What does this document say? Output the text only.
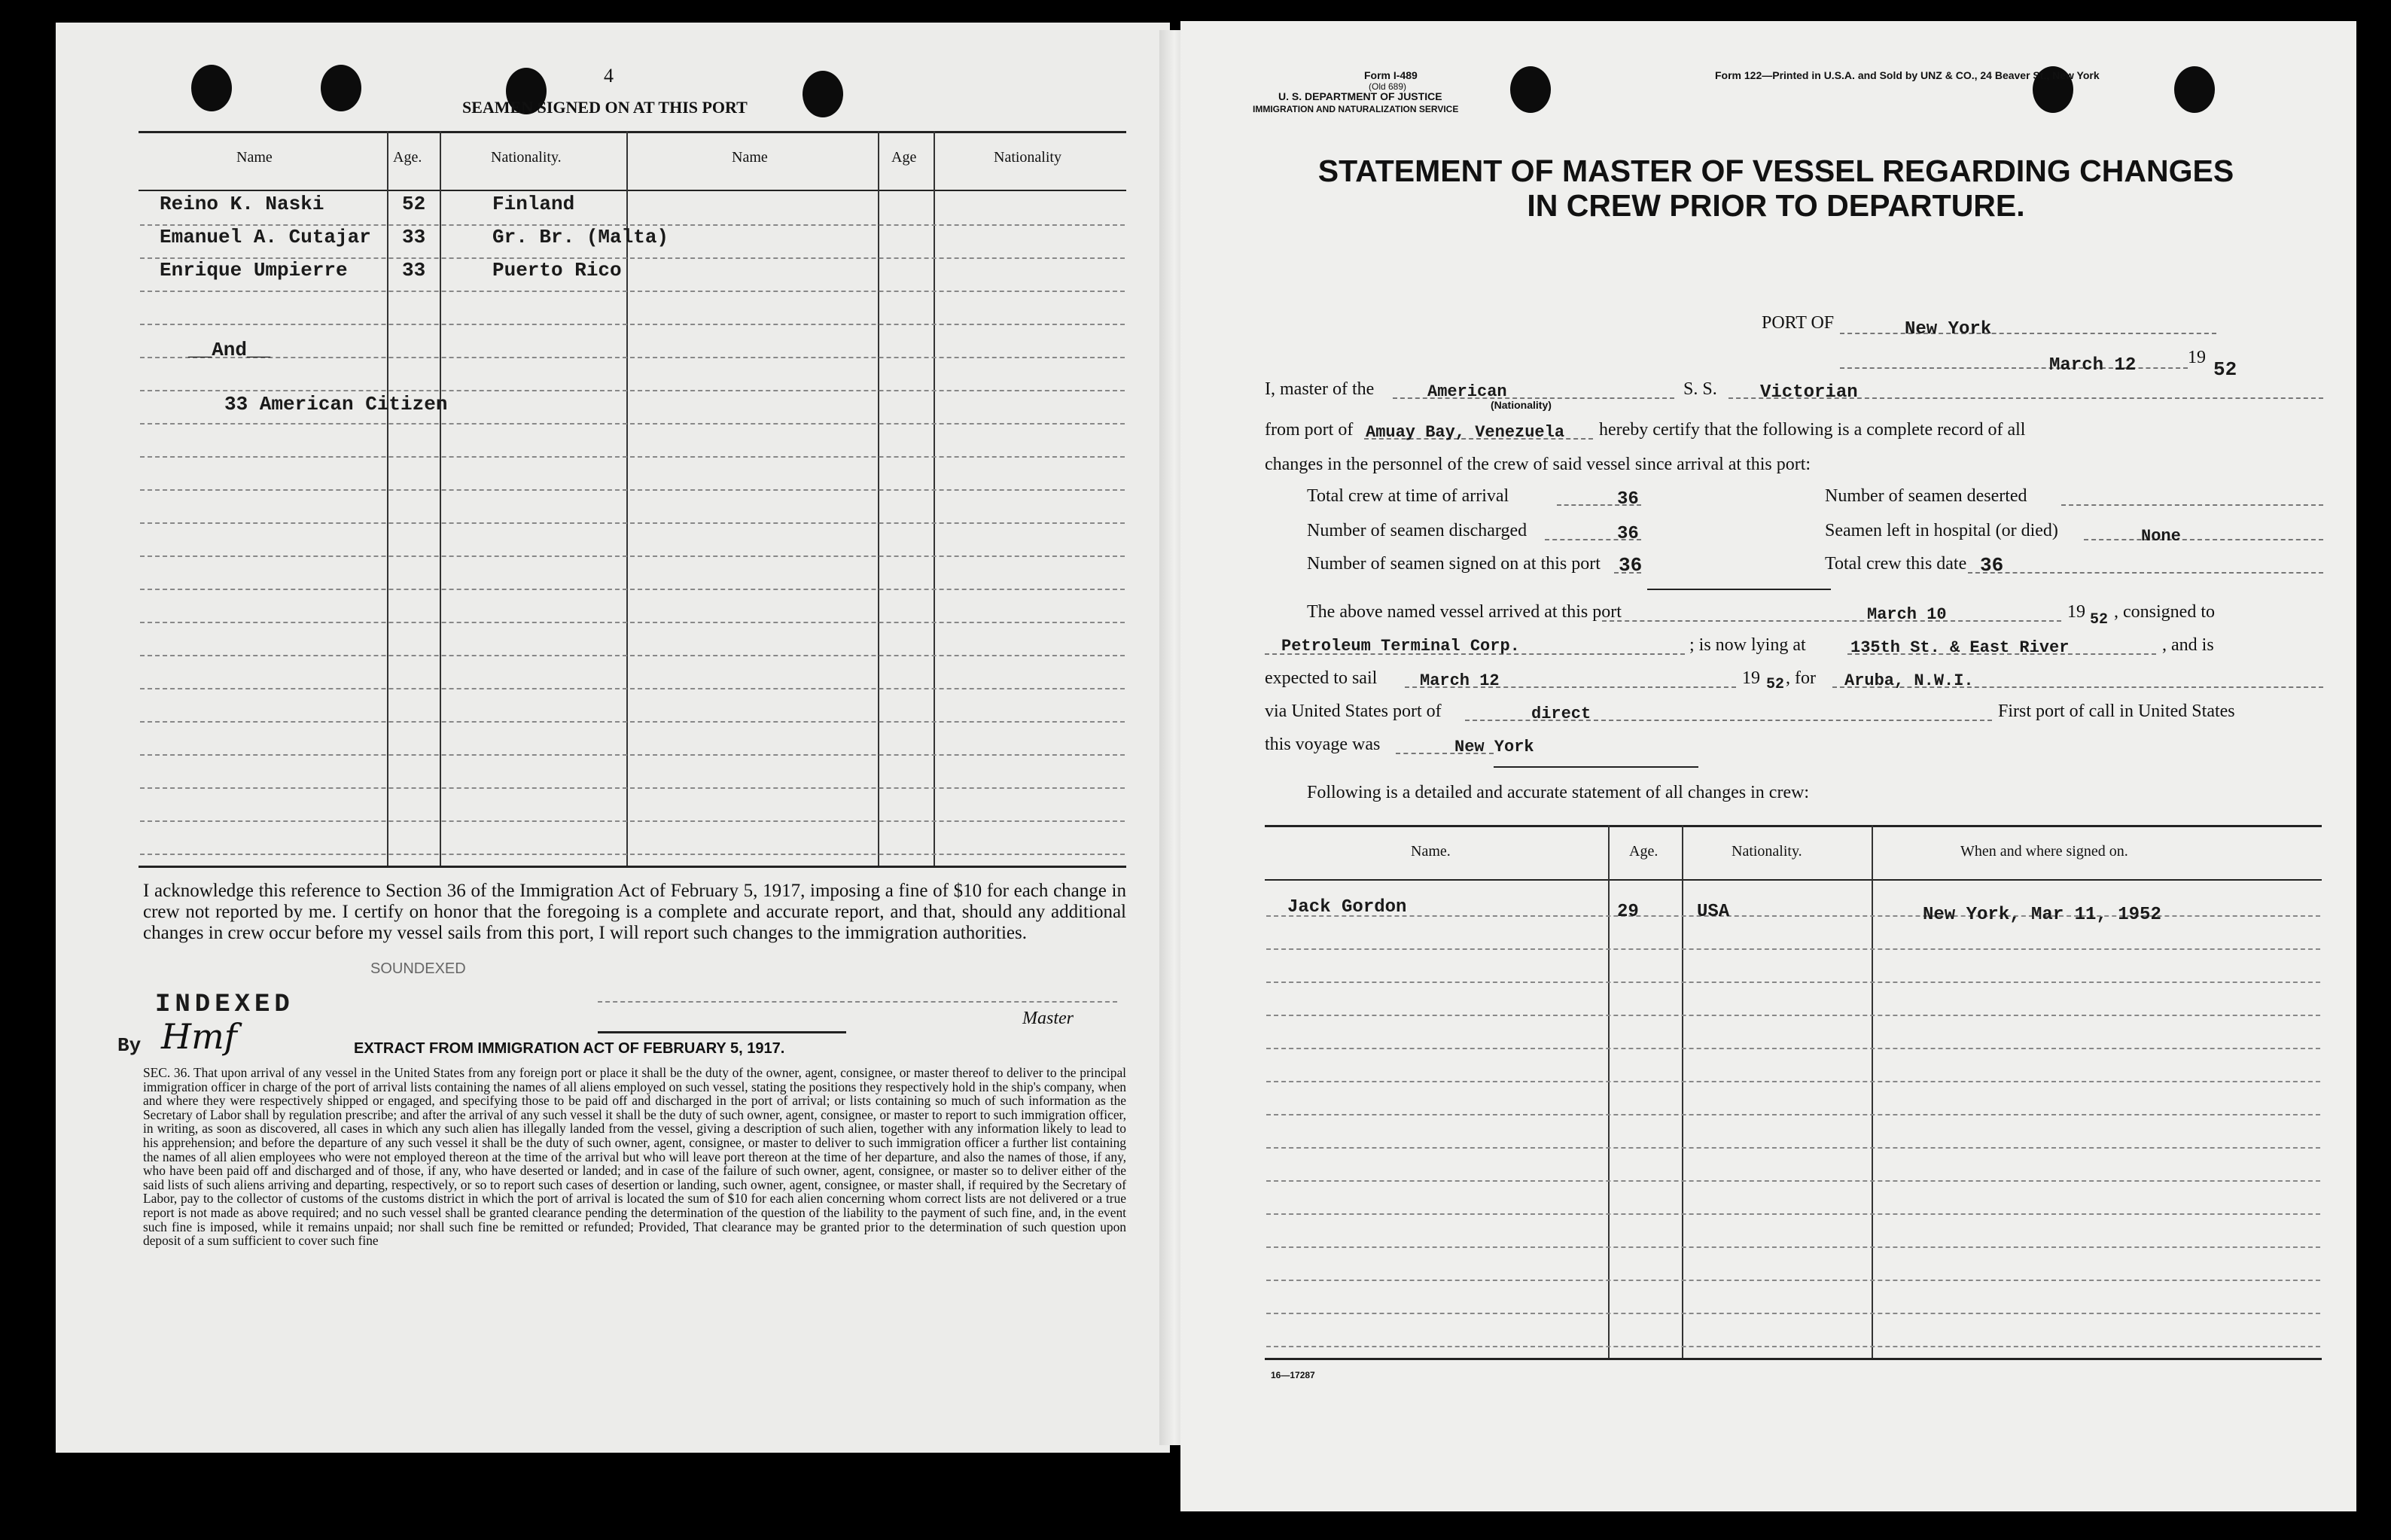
4
SEAMEN SIGNED ON AT THIS PORT
Name	Age.	Nationality.	Name	Age	Nationality
Reino K. Naski	52	Finland
Emanuel A. Cutajar 33	Gr. Br. (Malta)
Enrique Umpierre	33	Puerto Rico
__And__
33 American Citizen
I acknowledge this reference to Section 36 of the Immigration Act of February 5, 1917, imposing a fine of $10 for each change in crew not reported by me. I certify on honor that the foregoing is a complete and accurate report, and that, should any additional changes in crew occur before my vessel sails from this port, I will report such changes to the immigration authorities.
SOUNDEXED
INDEXED
By Hmf	Master
EXTRACT FROM IMMIGRATION ACT OF FEBRUARY 5, 1917.
SEC. 36. That upon arrival of any vessel in the United States from any foreign port or place it shall be the duty of the owner, agent, consignee, or master thereof to deliver to the principal immigration officer in charge of the port of arrival lists containing the names of all aliens employed on such vessel, stating the positions they respectively hold in the ship's company, when and where they were respectively shipped or engaged, and specifying those to be paid off and discharged in the port of arrival; or lists containing so much of such information as the Secretary of Labor shall by regulation prescribe; and after the arrival of any such vessel it shall be the duty of such owner, agent, consignee, or master to report to such immigration officer, in writing, as soon as discovered, all cases in which any such alien has illegally landed from the vessel, giving a description of such alien, together with any information likely to lead to his apprehension; and before the departure of any such vessel it shall be the duty of such owner, agent, consignee, or master to deliver to such immigration officer a further list containing the names of all alien employees who were not employed thereon at the time of the arrival but who will leave port thereon at the time of her departure, and also the names of those, if any, who have been paid off and discharged and of those, if any, who have deserted or landed; and in case of the failure of such owner, agent, consignee, or master so to deliver either of the said lists of such aliens arriving and departing, respectively, or so to report such cases of desertion or landing, such owner, agent, consignee, or master shall, if required by the Secretary of Labor, pay to the collector of customs of the customs district in which the port of arrival is located the sum of $10 for each alien concerning whom correct lists are not delivered or a true report is not made as above required; and no such vessel shall be granted clearance pending the determination of the question of the liability to the payment of such fine, and, in the event such fine is imposed, while it remains unpaid; nor shall such fine be remitted or refunded; Provided, That clearance may be granted prior to the determination of such question upon deposit of a sum sufficient to cover such fine
Form I-489
(Old 689)
U. S. DEPARTMENT OF JUSTICE
IMMIGRATION AND NATURALIZATION SERVICE
Form 122—Printed in U.S.A. and Sold by UNZ & CO., 24 Beaver St., New York
STATEMENT OF MASTER OF VESSEL REGARDING CHANGES
IN CREW PRIOR TO DEPARTURE.
PORT OF	New York
March 12	19
52
I, master of the	American
(Nationality)
S. S. Victorian
from port of Amuay Bay, Venezuela hereby certify that the following is a complete record of all
changes in the personnel of the crew of said vessel since arrival at this port:
Total crew at time of arrival	36
Number of seamen discharged	36
Number of seamen signed on at this port 36
Number of seamen deserted
Seamen left in hospital (or died)	None
Total crew this date 36
The above named vessel arrived at this port	March 10	19 52 , consigned to
Petroleum Terminal Corp.	; is now lying at	135th St. & East River	, and is
expected to sail	March 12	19 52 , for Aruba, N.W.I.
via United States port of	direct	First port of call in United States
this voyage was	New York
Following is a detailed and accurate statement of all changes in crew:
Name.	Age.	Nationality.	When and where signed on.
Jack Gordon	29	USA	New York, Mar 11, 1952
16—17287
